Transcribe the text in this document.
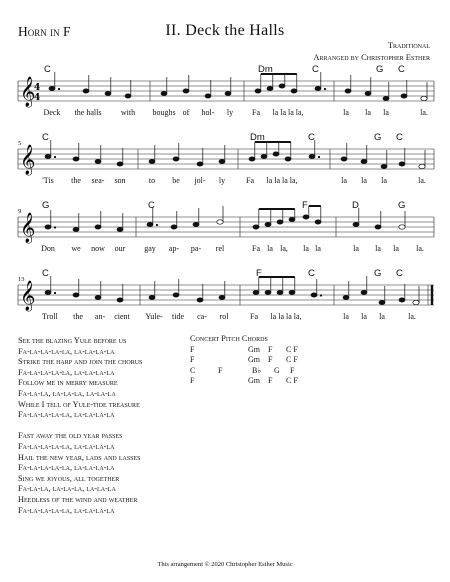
Horn in F	II. Deck the Halls
Traditional
Arranged by Christopher Esther
𝄞
4
4
C	Dm	C	G C
Deck the halls with boughs of hol- ly Fa la la la la,	la la la	la.
5
𝄞
C	Dm	C	G C
'Tis the sea- son	to be jol- ly	Fa la la la la,	la la la	la.
9
𝄞
G	C	F	D	G
Don we now our gay ap- pa- rel	Fa la la, la la	la la la la.
13
𝄞
C	F	C	G C
Troll the an- cient Yule- tide ca- rol	Fa la la la la,	la la la	la.
See the blazing Yule before us
Fa-la-la-la-la, la-la-la-la
Strike the harp and join the chorus
Fa-la-la-la-la, la-la-la-la
Follow me in merry measure
Fa-la-la, la-la-la, la-la-la
While I tell of Yule-tide treasure
Fa-la-la-la-la, la-la-la-la
Fast away the old year passes
Fa-la-la-la-la, la-la-la-la
Hail the new year, lads and lasses
Fa-la-la-la-la, la-la-la-la
Sing we joyous, all together
Fa-la-la, la-la-la, la-la-la
Heedless of the wind and weather
Fa-la-la-la-la, la-la-la-la
Concert Pitch Chords
F	Gm F C F
F	Gm F C F
C	F	B♭ G F
F	Gm F C F
This arrangement © 2020 Christopher Esther Music
